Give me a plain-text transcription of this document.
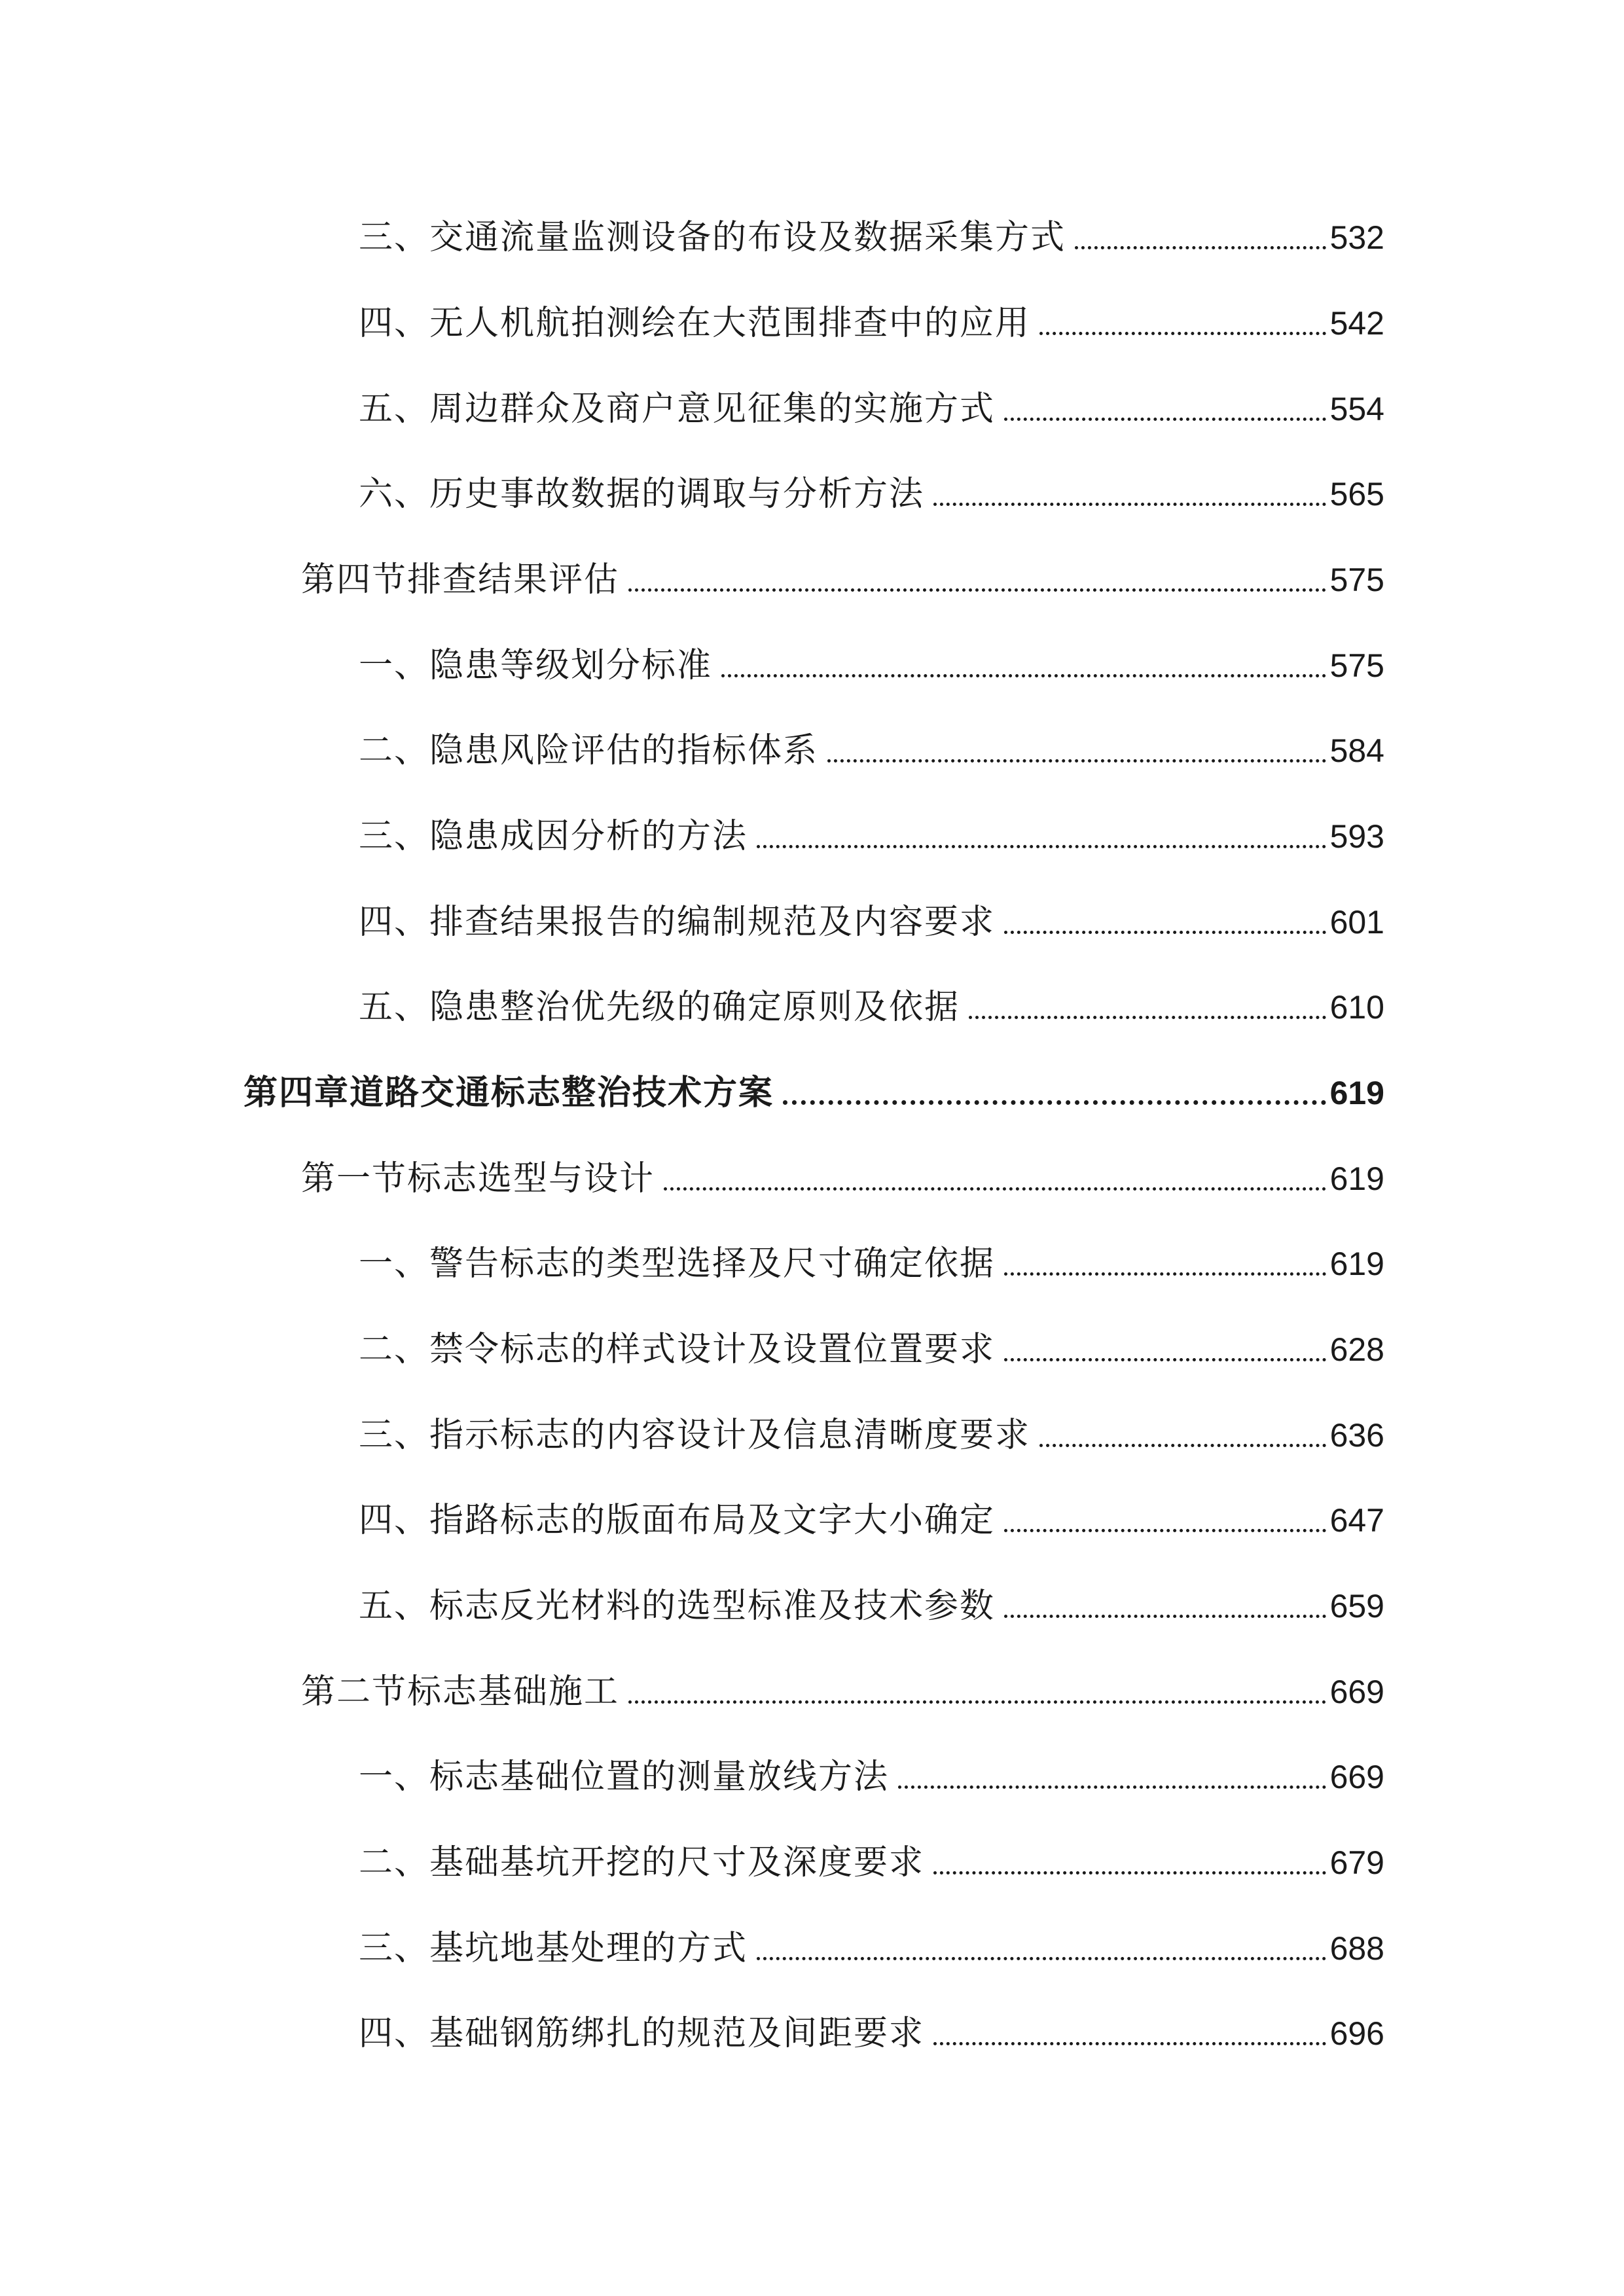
三、交通流量监测设备的布设及数据采集方式	532
四、无人机航拍测绘在大范围排查中的应用	542
五、周边群众及商户意见征集的实施方式	554
六、历史事故数据的调取与分析方法	565
第四节排查结果评估	575
一、隐患等级划分标准	575
二、隐患风险评估的指标体系	584
三、隐患成因分析的方法	593
四、排查结果报告的编制规范及内容要求	601
五、隐患整治优先级的确定原则及依据	610
第四章道路交通标志整治技术方案	619
第一节标志选型与设计	619
一、警告标志的类型选择及尺寸确定依据	619
二、禁令标志的样式设计及设置位置要求	628
三、指示标志的内容设计及信息清晰度要求	636
四、指路标志的版面布局及文字大小确定	647
五、标志反光材料的选型标准及技术参数	659
第二节标志基础施工	669
一、标志基础位置的测量放线方法	669
二、基础基坑开挖的尺寸及深度要求	679
三、基坑地基处理的方式	688
四、基础钢筋绑扎的规范及间距要求	696
